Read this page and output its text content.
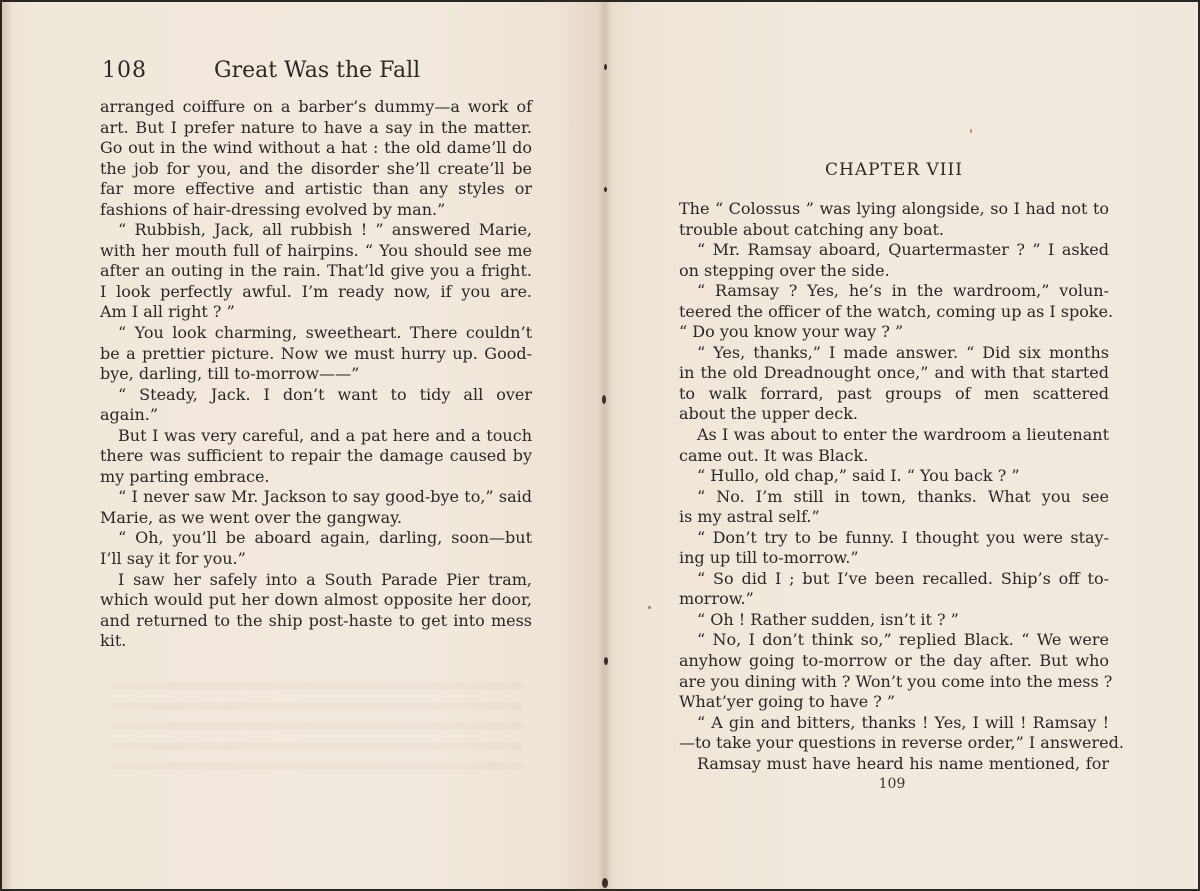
108	Great Was the Fall
arranged coiffure on a barber’s dummy—a work of
art. But I prefer nature to have a say in the matter.
Go out in the wind without a hat : the old dame’ll do
the job for you, and the disorder she’ll create’ll be
far more effective and artistic than any styles or
fashions of hair-dressing evolved by man.”
“ Rubbish, Jack, all rubbish ! ” answered Marie,
with her mouth full of hairpins. “ You should see me
after an outing in the rain. That’ld give you a fright.
I look perfectly awful. I’m ready now, if you are.
Am I all right ? ”
“ You look charming, sweetheart. There couldn’t
be a prettier picture. Now we must hurry up. Good-
bye, darling, till to-morrow——”
“ Steady, Jack. I don’t want to tidy all over
again.”
But I was very careful, and a pat here and a touch
there was sufficient to repair the damage caused by
my parting embrace.
“ I never saw Mr. Jackson to say good-bye to,” said
Marie, as we went over the gangway.
“ Oh, you’ll be aboard again, darling, soon—but
I’ll say it for you.”
I saw her safely into a South Parade Pier tram,
which would put her down almost opposite her door,
and returned to the ship post-haste to get into mess
kit.
CHAPTER VIII
The “ Colossus ” was lying alongside, so I had not to
trouble about catching any boat.
“ Mr. Ramsay aboard, Quartermaster ? ” I asked
on stepping over the side.
“ Ramsay ? Yes, he’s in the wardroom,” volun-
teered the officer of the watch, coming up as I spoke.
“ Do you know your way ? ”
“ Yes, thanks,” I made answer. “ Did six months
in the old Dreadnought once,” and with that started
to walk forrard, past groups of men scattered
about the upper deck.
As I was about to enter the wardroom a lieutenant
came out. It was Black.
“ Hullo, old chap,” said I. “ You back ? ”
“ No. I’m still in town, thanks. What you see
is my astral self.”
“ Don’t try to be funny. I thought you were stay-
ing up till to-morrow.”
“ So did I ; but I’ve been recalled. Ship’s off to-
morrow.”
“ Oh ! Rather sudden, isn’t it ? ”
“ No, I don’t think so,” replied Black. “ We were
anyhow going to-morrow or the day after. But who
are you dining with ? Won’t you come into the mess ?
What’yer going to have ? ”
“ A gin and bitters, thanks ! Yes, I will ! Ramsay !
—to take your questions in reverse order,” I answered.
Ramsay must have heard his name mentioned, for
109
